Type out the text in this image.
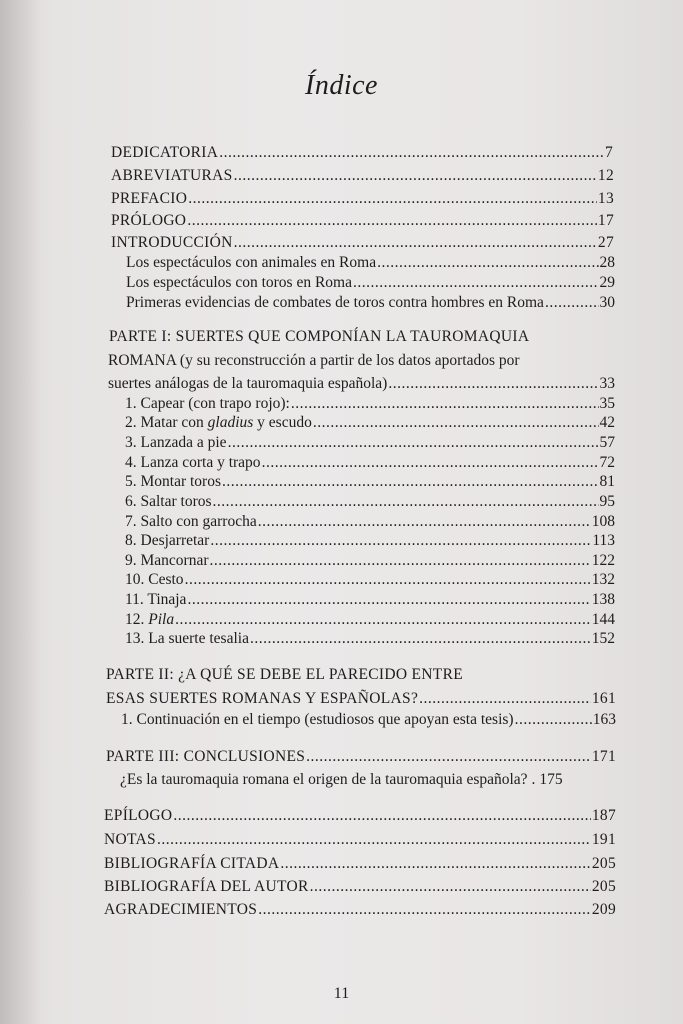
Índice
DEDICATORIA .....	7
ABREVIATURAS .....	12
PREFACIO .....	13
PRÓLOGO .....	17
INTRODUCCIÓN .....	27
Los espectáculos con animales en Roma .....	28
Los espectáculos con toros en Roma .....	29
Primeras evidencias de combates de toros contra hombres en Roma .....	30
PARTE I: SUERTES QUE COMPONÍAN LA TAUROMAQUIA
ROMANA (y su reconstrucción a partir de los datos aportados por
suertes análogas de la tauromaquia española) .....	33
1. Capear (con trapo rojo): .....	35
2. Matar con gladius y escudo .....	42
3. Lanzada a pie .....	57
4. Lanza corta y trapo .....	72
5. Montar toros .....	81
6. Saltar toros .....	95
7. Salto con garrocha .....	108
8. Desjarretar .....	113
9. Mancornar .....	122
10. Cesto .....	132
11. Tinaja .....	138
12. Pila .....	144
13. La suerte tesalia .....	152
PARTE II: ¿A QUÉ SE DEBE EL PARECIDO ENTRE
ESAS SUERTES ROMANAS Y ESPAÑOLAS? .....	161
1. Continuación en el tiempo (estudiosos que apoyan esta tesis) .....	163
PARTE III: CONCLUSIONES .....	171
¿Es la tauromaquia romana el origen de la tauromaquia española? . 175
EPÍLOGO .....	187
NOTAS .....	191
BIBLIOGRAFÍA CITADA .....	205
BIBLIOGRAFÍA DEL AUTOR .....	205
AGRADECIMIENTOS .....	209
11
